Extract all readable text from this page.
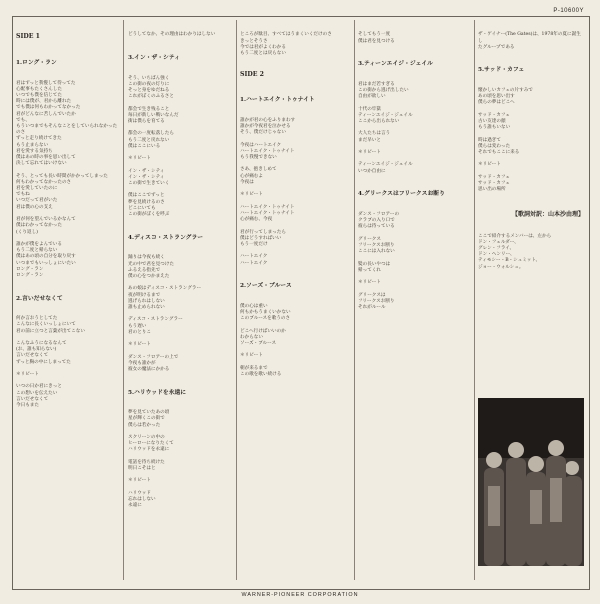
P-10600Y

SIDE 1

1.ロング・ラン

君はずっと我慢して待ってた
心配事もたくさんした
いつでも僕を信じてた
時には僕が、君から離れた
でも僕は何もわかってなかった
君がどんなに苦しんでいたか
でも、
もういつまでもそんなことをしていられなかった
のさ
ずっと走り続けてきた
もう止まらない
君を愛する気持ち
僕はあの時の事を思い出して
決して忘れてはいけない

そう、とっても長い時間がかかってしまった
何もわかってなかったのさ
君を愛していたのに
でもね
いつだって君がいた
君は僕の心の支え

君が何を望んでいるかなんて
僕はわかってなかった
(くり返し)

誰かが僕をよんでいる
もう二度と帰らない
僕はあの頃の自分を取り戻す
いつまでもいっしょにいたい
ロング・ラン
ロング・ラン

2.言いだせなくて

何か言おうとしてた
こんなに長くいっしょにいて
君の前に立つと言葉が出てこない

こんなふうになるなんて
(お、誰も知らない)
言いだせなくて
ずっと胸の中にしまってた

＊リピート

いつの日か君にきっと
この想いを伝えたい
言いだせなくて
今日もまた

どうしてなか、その理由はわかりはしない

3.イン・ザ・シティ

そう、いちばん強く
この街の夜の灯りに
そっと身をゆだねる
これがぼくのふるさと

都会で生き残ること
毎日が新しい戦いなんだ
街は僕らを育てる

都会の一度転落したら
もう二度と戻れない
僕はここにいる

＊リピート

イン・ザ・シティ
イン・ザ・シティ
この街で生きていく

僕はここでずっと
夢を見続けるのさ
どこにいても
この街がぼくを呼ぶ

4.ディスコ・ストラングラー

踊りは今夜も続く
光の中で君を見つけた
ふるえる指先で
僕の心をつかまえた

あの娘はディスコ・ストラングラー
夜が明けるまで
逃げられはしない
誰も止められない

ディスコ・ストラングラー
もう遅い
君のとりこ

＊リピート

ダンス・フロアーの上で
今夜も誰かが
彼女の魔法にかかる

5.ハリウッドを永遠に

夢を見ていたあの頃
星が輝くこの街で
僕らは若かった

スクリーンの中の
ヒーローになりたくて
ハリウッドを永遠に

電話を待ち続けた
明日こそはと

＊リピート

ハリウッド
忘れはしない
永遠に

ところが駄目、すべてはうまくいくだけのさ
きっとそうさ
今では君がよくわかる
もう二度とは戻らない

SIDE 2

1.ハートエイク・トゥナイト

誰かが君の心をふりまわす
誰かが今夜君を泣かせる
そう、僕だけじゃない

今夜はハートエイク
ハートエイク・トゥナイト
もう我慢できない

さあ、抱きしめて
心が痛むよ
今夜は

＊リピート

ハートエイク・トゥナイト
ハートエイク・トゥナイト
心が痛む、今夜

君が行ってしまったら
僕はどうすればいい
もう一度だけ

ハートエイク
ハートエイク

2.ソーズ・ブルース

僕の心は重い
何もかもうまくいかない
このブルースを歌うのさ

どこへ行けばいいのか
わからない
ソーズ・ブルース

＊リピート

朝が来るまで
この歌を歌い続ける

そしてもう一度
僕は君を見つける

3.ティーンエイジ・ジェイル

君はまだ若すぎる
この街から逃げ出したい
自由が欲しい

十代の牢獄
ティーンエイジ・ジェイル
ここから出られない

大人たちは言う
まだ早いと

＊リピート

ティーンエイジ・ジェイル
いつか自由に

4.グリークスはフリークスお断り

ダンス・フロアーの
クラブの入り口で
彼らは待っている

グリークス
フリークスお断り
ここには入れない

髪の長いやつは
帰ってくれ

＊リピート

グリークスは
フリークスお断り
それがルール

ザ・ゲイナー(The Gates)は、1978年の夏に誕生し
たグループである

5.サッド・カフェ

懐かしいカフェの片すみで
あの頃を思い出す
僕らの夢はどこへ

サッド・カフェ
古い友達の顔
もう誰もいない

時は過ぎて
僕らは変わった
それでもここに来る

＊リピート

サッド・カフェ
サッド・カフェ
思い出の場所

【歌詞対訳：山本沙由理】

ここで紹介するメンバーは、左から
ドン・フェルダー、
グレン・フライ、
ドン・ヘンリー、
ティモシー・B・シュミット、
ジョー・ウォルシュ。

WARNER-PIONEER CORPORATION
